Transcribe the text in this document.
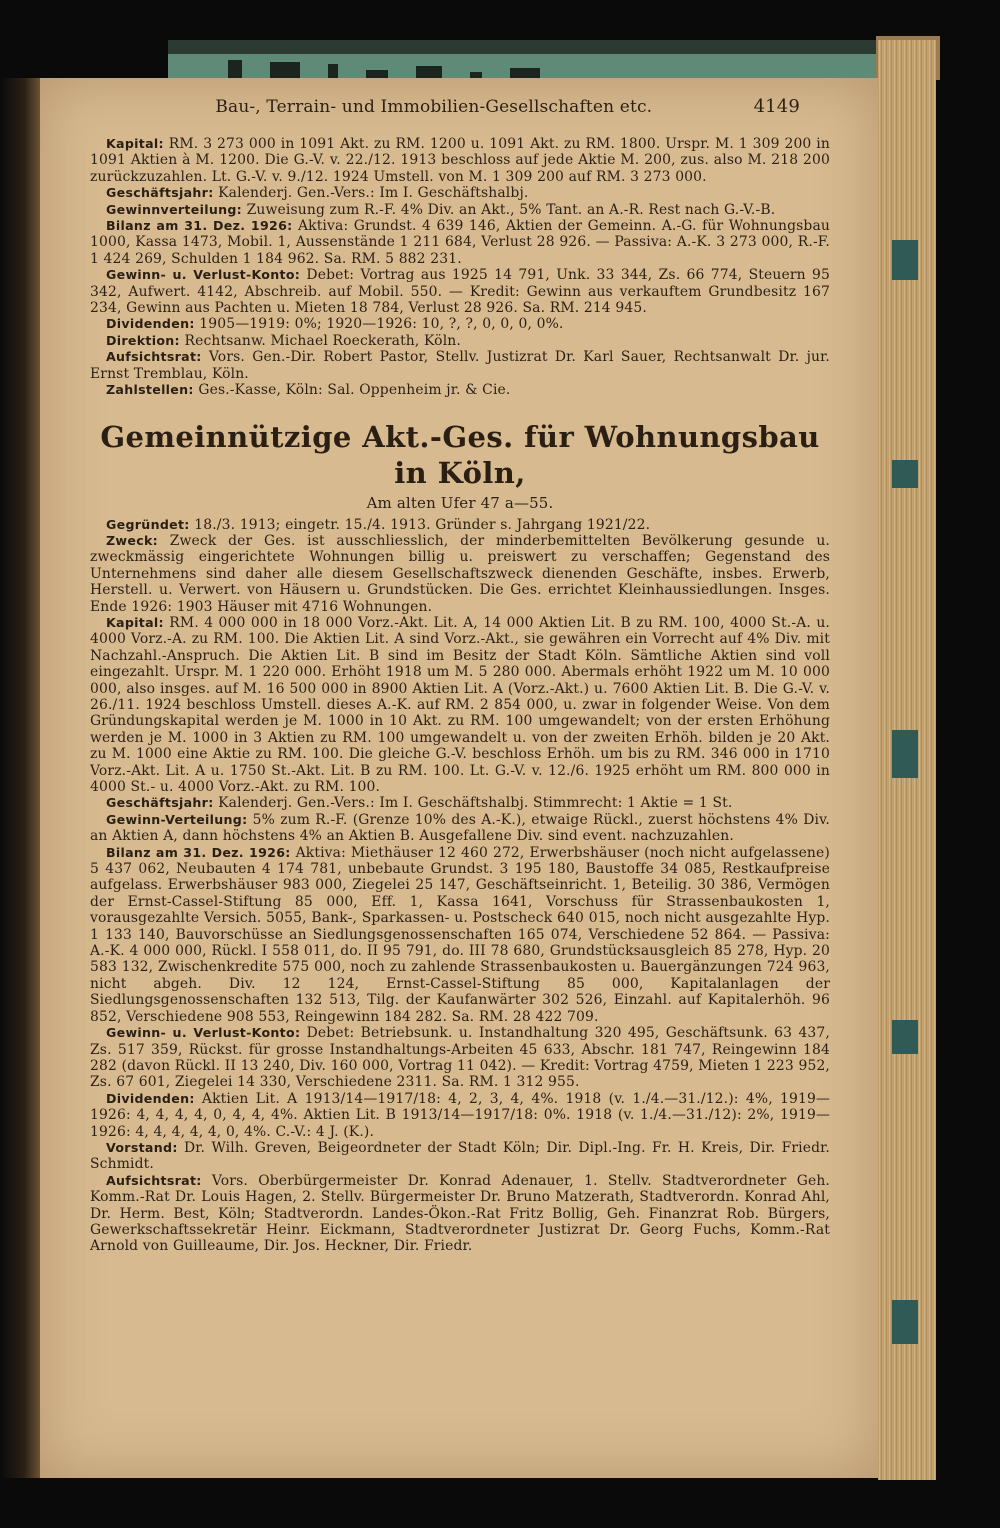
Bau-, Terrain- und Immobilien-Gesellschaften etc.	4149

Kapital: RM. 3 273 000 in 1091 Akt. zu RM. 1200 u. 1091 Akt. zu RM. 1800. Urspr. M. 1 309 200 in 1091 Aktien à M. 1200. Die G.-V. v. 22./12. 1913 beschloss auf jede Aktie M. 200, zus. also M. 218 200 zurückzuzahlen. Lt. G.-V. v. 9./12. 1924 Umstell. von M. 1 309 200 auf RM. 3 273 000.

Geschäftsjahr: Kalenderj. Gen.-Vers.: Im I. Geschäftshalbj.

Gewinnverteilung: Zuweisung zum R.-F. 4% Div. an Akt., 5% Tant. an A.-R. Rest nach G.-V.-B.

Bilanz am 31. Dez. 1926: Aktiva: Grundst. 4 639 146, Aktien der Gemeinn. A.-G. für Wohnungsbau 1000, Kassa 1473, Mobil. 1, Aussenstände 1 211 684, Verlust 28 926. — Passiva: A.-K. 3 273 000, R.-F. 1 424 269, Schulden 1 184 962. Sa. RM. 5 882 231.

Gewinn- u. Verlust-Konto: Debet: Vortrag aus 1925 14 791, Unk. 33 344, Zs. 66 774, Steuern 95 342, Aufwert. 4142, Abschreib. auf Mobil. 550. — Kredit: Gewinn aus verkauftem Grundbesitz 167 234, Gewinn aus Pachten u. Mieten 18 784, Verlust 28 926. Sa. RM. 214 945.

Dividenden: 1905—1919: 0%; 1920—1926: 10, ?, ?, 0, 0, 0, 0%.

Direktion: Rechtsanw. Michael Roeckerath, Köln.

Aufsichtsrat: Vors. Gen.-Dir. Robert Pastor, Stellv. Justizrat Dr. Karl Sauer, Rechtsanwalt Dr. jur. Ernst Tremblau, Köln.

Zahlstellen: Ges.-Kasse, Köln: Sal. Oppenheim jr. & Cie.

Gemeinnützige Akt.-Ges. für Wohnungsbau in Köln,
Am alten Ufer 47 a—55.

Gegründet: 18./3. 1913; eingetr. 15./4. 1913. Gründer s. Jahrgang 1921/22.

Zweck: Zweck der Ges. ist ausschliesslich, der minderbemittelten Bevölkerung gesunde u. zweckmässig eingerichtete Wohnungen billig u. preiswert zu verschaffen; Gegenstand des Unternehmens sind daher alle diesem Gesellschaftszweck dienenden Geschäfte, insbes. Erwerb, Herstell. u. Verwert. von Häusern u. Grundstücken. Die Ges. errichtet Kleinhaussiedlungen. Insges. Ende 1926: 1903 Häuser mit 4716 Wohnungen.

Kapital: RM. 4 000 000 in 18 000 Vorz.-Akt. Lit. A, 14 000 Aktien Lit. B zu RM. 100, 4000 St.-A. u. 4000 Vorz.-A. zu RM. 100. Die Aktien Lit. A sind Vorz.-Akt., sie gewähren ein Vorrecht auf 4% Div. mit Nachzahl.-Anspruch. Die Aktien Lit. B sind im Besitz der Stadt Köln. Sämtliche Aktien sind voll eingezahlt. Urspr. M. 1 220 000. Erhöht 1918 um M. 5 280 000. Abermals erhöht 1922 um M. 10 000 000, also insges. auf M. 16 500 000 in 8900 Aktien Lit. A (Vorz.-Akt.) u. 7600 Aktien Lit. B. Die G.-V. v. 26./11. 1924 beschloss Umstell. dieses A.-K. auf RM. 2 854 000, u. zwar in folgender Weise. Von dem Gründungskapital werden je M. 1000 in 10 Akt. zu RM. 100 umgewandelt; von der ersten Erhöhung werden je M. 1000 in 3 Aktien zu RM. 100 umgewandelt u. von der zweiten Erhöh. bilden je 20 Akt. zu M. 1000 eine Aktie zu RM. 100. Die gleiche G.-V. beschloss Erhöh. um bis zu RM. 346 000 in 1710 Vorz.-Akt. Lit. A u. 1750 St.-Akt. Lit. B zu RM. 100. Lt. G.-V. v. 12./6. 1925 erhöht um RM. 800 000 in 4000 St.- u. 4000 Vorz.-Akt. zu RM. 100.

Geschäftsjahr: Kalenderj. Gen.-Vers.: Im I. Geschäftshalbj. Stimmrecht: 1 Aktie = 1 St.

Gewinn-Verteilung: 5% zum R.-F. (Grenze 10% des A.-K.), etwaige Rückl., zuerst höchstens 4% Div. an Aktien A, dann höchstens 4% an Aktien B. Ausgefallene Div. sind event. nachzuzahlen.

Bilanz am 31. Dez. 1926: Aktiva: Miethäuser 12 460 272, Erwerbshäuser (noch nicht aufgelassene) 5 437 062, Neubauten 4 174 781, unbebaute Grundst. 3 195 180, Baustoffe 34 085, Restkaufpreise aufgelass. Erwerbshäuser 983 000, Ziegelei 25 147, Geschäftseinricht. 1, Beteilig. 30 386, Vermögen der Ernst-Cassel-Stiftung 85 000, Eff. 1, Kassa 1641, Vorschuss für Strassenbaukosten 1, vorausgezahlte Versich. 5055, Bank-, Sparkassen- u. Postscheck 640 015, noch nicht ausgezahlte Hyp. 1 133 140, Bauvorschüsse an Siedlungsgenossenschaften 165 074, Verschiedene 52 864. — Passiva: A.-K. 4 000 000, Rückl. I 558 011, do. II 95 791, do. III 78 680, Grundstücksausgleich 85 278, Hyp. 20 583 132, Zwischenkredite 575 000, noch zu zahlende Strassenbaukosten u. Bauergänzungen 724 963, nicht abgeh. Div. 12 124, Ernst-Cassel-Stiftung 85 000, Kapitalanlagen der Siedlungsgenossenschaften 132 513, Tilg. der Kaufanwärter 302 526, Einzahl. auf Kapitalerhöh. 96 852, Verschiedene 908 553, Reingewinn 184 282. Sa. RM. 28 422 709.

Gewinn- u. Verlust-Konto: Debet: Betriebsunk. u. Instandhaltung 320 495, Geschäftsunk. 63 437, Zs. 517 359, Rückst. für grosse Instandhaltungs-Arbeiten 45 633, Abschr. 181 747, Reingewinn 184 282 (davon Rückl. II 13 240, Div. 160 000, Vortrag 11 042). — Kredit: Vortrag 4759, Mieten 1 223 952, Zs. 67 601, Ziegelei 14 330, Verschiedene 2311. Sa. RM. 1 312 955.

Dividenden: Aktien Lit. A 1913/14—1917/18: 4, 2, 3, 4, 4%. 1918 (v. 1./4.—31./12.): 4%, 1919—1926: 4, 4, 4, 4, 0, 4, 4, 4%. Aktien Lit. B 1913/14—1917/18: 0%. 1918 (v. 1./4.—31./12): 2%, 1919—1926: 4, 4, 4, 4, 4, 0, 4%. C.-V.: 4 J. (K.).

Vorstand: Dr. Wilh. Greven, Beigeordneter der Stadt Köln; Dir. Dipl.-Ing. Fr. H. Kreis, Dir. Friedr. Schmidt.

Aufsichtsrat: Vors. Oberbürgermeister Dr. Konrad Adenauer, 1. Stellv. Stadtverordneter Geh. Komm.-Rat Dr. Louis Hagen, 2. Stellv. Bürgermeister Dr. Bruno Matzerath, Stadtverordn. Konrad Ahl, Dr. Herm. Best, Köln; Stadtverordn. Landes-Ökon.-Rat Fritz Bollig, Geh. Finanzrat Rob. Bürgers, Gewerkschaftssekretär Heinr. Eickmann, Stadtverordneter Justizrat Dr. Georg Fuchs, Komm.-Rat Arnold von Guilleaume, Dir. Jos. Heckner, Dir. Friedr.
